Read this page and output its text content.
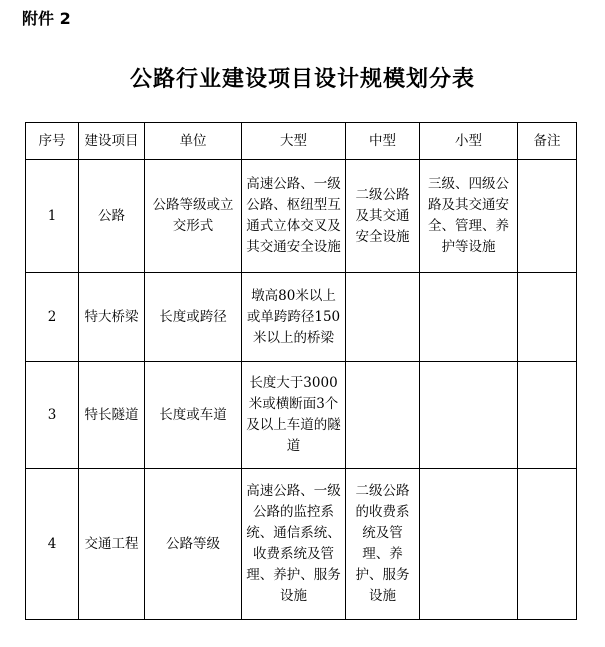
附件 2
公路行业建设项目设计规模划分表
序号	建设项目	单位	大型	中型	小型	备注
1	公路	公路等级或立交形式	高速公路、一级公路、枢纽型互通式立体交叉及其交通安全设施	二级公路及其交通安全设施	三级、四级公路及其交通安全、管理、养护等设施	
2	特大桥梁	长度或跨径	墩高80米以上或单跨跨径150米以上的桥梁			
3	特长隧道	长度或车道	长度大于3000米或横断面3个及以上车道的隧道			
4	交通工程	公路等级	高速公路、一级公路的监控系统、通信系统、收费系统及管理、养护、服务设施	二级公路的收费系统及管理、养护、服务设施		
